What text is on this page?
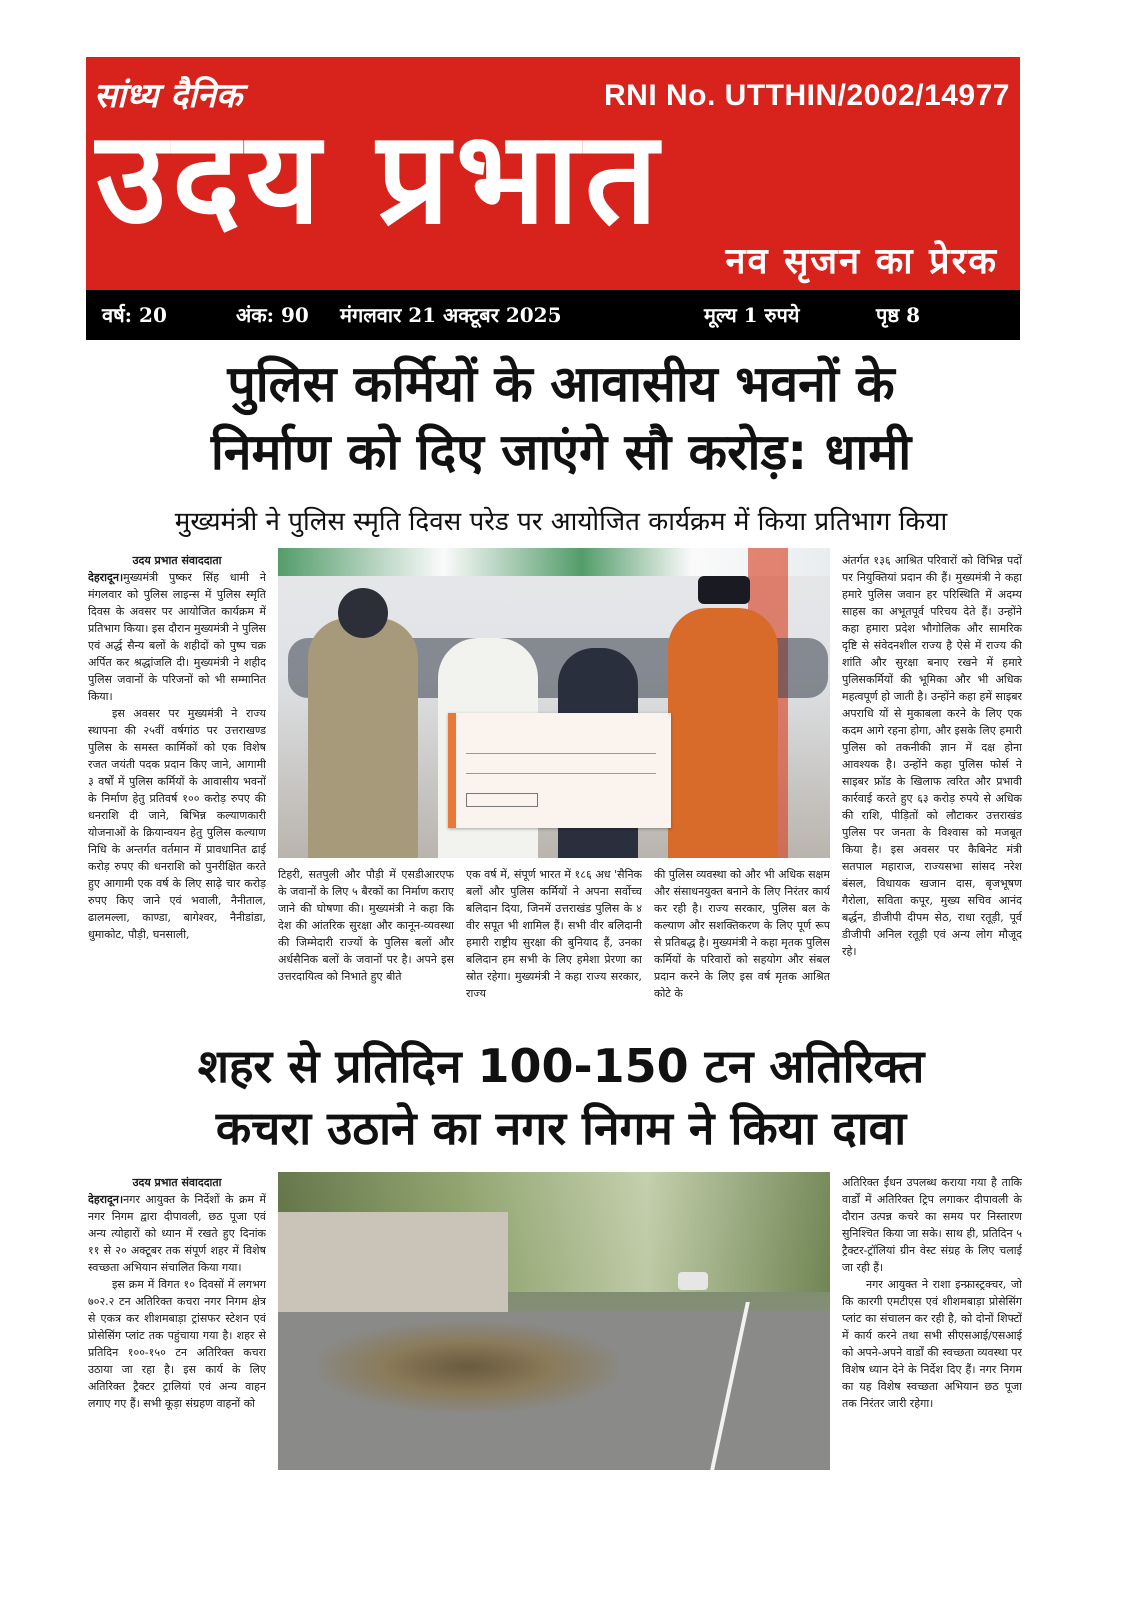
सांध्य दैनिक	RNI No. UTTHIN/2002/14977
उदय प्रभात
नव सृजन का प्रेरक
वर्ष: 20	अंक: 90 मंगलवार 21 अक्टूबर 2025	मूल्य 1 रुपये	पृष्ठ 8
पुलिस कर्मियों के आवासीय भवनों के
निर्माण को दिए जाएंगे सौ करोड़: धामी
मुख्यमंत्री ने पुलिस स्मृति दिवस परेड पर आयोजित कार्यक्रम में किया प्रतिभाग किया
उदय प्रभात संवाददाता

देहरादून।मुख्यमंत्री पुष्कर सिंह धामी ने मंगलवार को पुलिस लाइन्स में पुलिस स्मृति दिवस के अवसर पर आयोजित कार्यक्रम में प्रतिभाग किया। इस दौरान मुख्यमंत्री ने पुलिस एवं अर्द्ध सैन्य बलों के शहीदों को पुष्प चक्र अर्पित कर श्रद्धांजलि दी। मुख्यमंत्री ने शहीद पुलिस जवानों के परिजनों को भी सम्मानित किया।

इस अवसर पर मुख्यमंत्री ने राज्य स्थापना की २५वीं वर्षगांठ पर उत्तराखण्ड पुलिस के समस्त कार्मिकों को एक विशेष रजत जयंती पदक प्रदान किए जाने, आगामी ३ वर्षों में पुलिस कर्मियों के आवासीय भवनों के निर्माण हेतु प्रतिवर्ष १०० करोड़ रुपए की धनराशि दी जाने, बिभिन्न कल्याणकारी योजनाओं के क्रियान्वयन हेतु पुलिस कल्याण निधि के अन्तर्गत वर्तमान में प्रावधानित ढाई करोड़ रुपए की धनराशि को पुनरीक्षित करते हुए आगामी एक वर्ष के लिए साढ़े चार करोड़ रुपए किए जाने एवं भवाली, नैनीताल, ढालमल्ला, काण्डा, बागेश्वर, नैनीडांडा, धुमाकोट, पौड़ी, घनसाली,

टिहरी, सतपुली और पौड़ी में एसडीआरएफ के जवानों के लिए ५ बैरकों का निर्माण कराए जाने की घोषणा की। मुख्यमंत्री ने कहा कि देश की आंतरिक सुरक्षा और कानून-व्यवस्था की जिम्मेदारी राज्यों के पुलिस बलों और अर्धसैनिक बलों के जवानों पर है। अपने इस उत्तरदायित्व को निभाते हुए बीते

एक वर्ष में, संपूर्ण भारत में १८६ अध 'सैनिक बलों और पुलिस कर्मियों ने अपना सर्वोच्च बलिदान दिया, जिनमें उत्तराखंड पुलिस के ४ वीर सपूत भी शामिल हैं। सभी वीर बलिदानी हमारी राष्ट्रीय सुरक्षा की बुनियाद हैं, उनका बलिदान हम सभी के लिए हमेशा प्रेरणा का स्रोत रहेगा। मुख्यमंत्री ने कहा राज्य सरकार, राज्य

की पुलिस व्यवस्था को और भी अधिक सक्षम और संसाधनयुक्त बनाने के लिए निरंतर कार्य कर रही है। राज्य सरकार, पुलिस बल के कल्याण और सशक्तिकरण के लिए पूर्ण रूप से प्रतिबद्ध है। मुख्यमंत्री ने कहा मृतक पुलिस कर्मियों के परिवारों को सहयोग और संबल प्रदान करने के लिए इस वर्ष मृतक आश्रित कोटे के

अंतर्गत १३६ आश्रित परिवारों को विभिन्न पदों पर नियुक्तियां प्रदान की हैं। मुख्यमंत्री ने कहा हमारे पुलिस जवान हर परिस्थिति में अदम्य साहस का अभूतपूर्व परिचय देते हैं। उन्होंने कहा हमारा प्रदेश भौगोलिक और सामरिक दृष्टि से संवेदनशील राज्य है ऐसे में राज्य की शांति और सुरक्षा बनाए रखने में हमारे पुलिसकर्मियों की भूमिका और भी अधिक महत्वपूर्ण हो जाती है। उन्होंने कहा हमें साइबर अपराधि यों से मुकाबला करने के लिए एक कदम आगे रहना होगा, और इसके लिए हमारी पुलिस को तकनीकी ज्ञान में दक्ष होना आवश्यक है। उन्होंने कहा पुलिस फोर्स ने साइबर फ्रॉड के खिलाफ त्वरित और प्रभावी कार्रवाई करते हुए ६३ करोड़ रुपये से अधिक की राशि, पीड़ितों को लौटाकर उत्तराखंड पुलिस पर जनता के विश्वास को मजबूत किया है। इस अवसर पर कैबिनेट मंत्री सतपाल महाराज, राज्यसभा सांसद नरेश बंसल, विधायक खजान दास, बृजभूषण गैरोला, सविता कपूर, मुख्य सचिव आनंद बर्द्धन, डीजीपी दीपम सेठ, राधा रतूड़ी, पूर्व डीजीपी अनिल रतूड़ी एवं अन्य लोग मौजूद रहे।

शहर से प्रतिदिन 100-150 टन अतिरिक्त
कचरा उठाने का नगर निगम ने किया दावा
उदय प्रभात संवाददाता

देहरादून।नगर आयुक्त के निर्देशों के क्रम में नगर निगम द्वारा दीपावली, छठ पूजा एवं अन्य त्योहारों को ध्यान में रखते हुए दिनांक ११ से २० अक्टूबर तक संपूर्ण शहर में विशेष स्वच्छता अभियान संचालित किया गया।

इस क्रम में विगत १० दिवसों में लगभग ७०२.२ टन अतिरिक्त कचरा नगर निगम क्षेत्र से एकत्र कर शीशमबाड़ा ट्रांसफर स्टेशन एवं प्रोसेसिंग प्लांट तक पहुंचाया गया है। शहर से प्रतिदिन १००-१५० टन अतिरिक्त कचरा उठाया जा रहा है। इस कार्य के लिए अतिरिक्त ट्रैक्टर ट्रालियां एवं अन्य वाहन लगाए गए हैं। सभी कूड़ा संग्रहण वाहनों को

अतिरिक्त ईंधन उपलब्ध कराया गया है ताकि वार्डों में अतिरिक्त ट्रिप लगाकर दीपावली के दौरान उत्पन्न कचरे का समय पर निस्तारण सुनिश्चित किया जा सके। साथ ही, प्रतिदिन ५ ट्रैक्टर-ट्रॉलियां ग्रीन वेस्ट संग्रह के लिए चलाई जा रही हैं।

नगर आयुक्त ने राशा इन्फ्रास्ट्रक्चर, जो कि कारगी एमटीएस एवं शीशमबाड़ा प्रोसेसिंग प्लांट का संचालन कर रही है, को दोनों शिफ्टों में कार्य करने तथा सभी सीएसआई/एसआई को अपने-अपने वार्डों की स्वच्छता व्यवस्था पर विशेष ध्यान देने के निर्देश दिए हैं। नगर निगम का यह विशेष स्वच्छता अभियान छठ पूजा तक निरंतर जारी रहेगा।
